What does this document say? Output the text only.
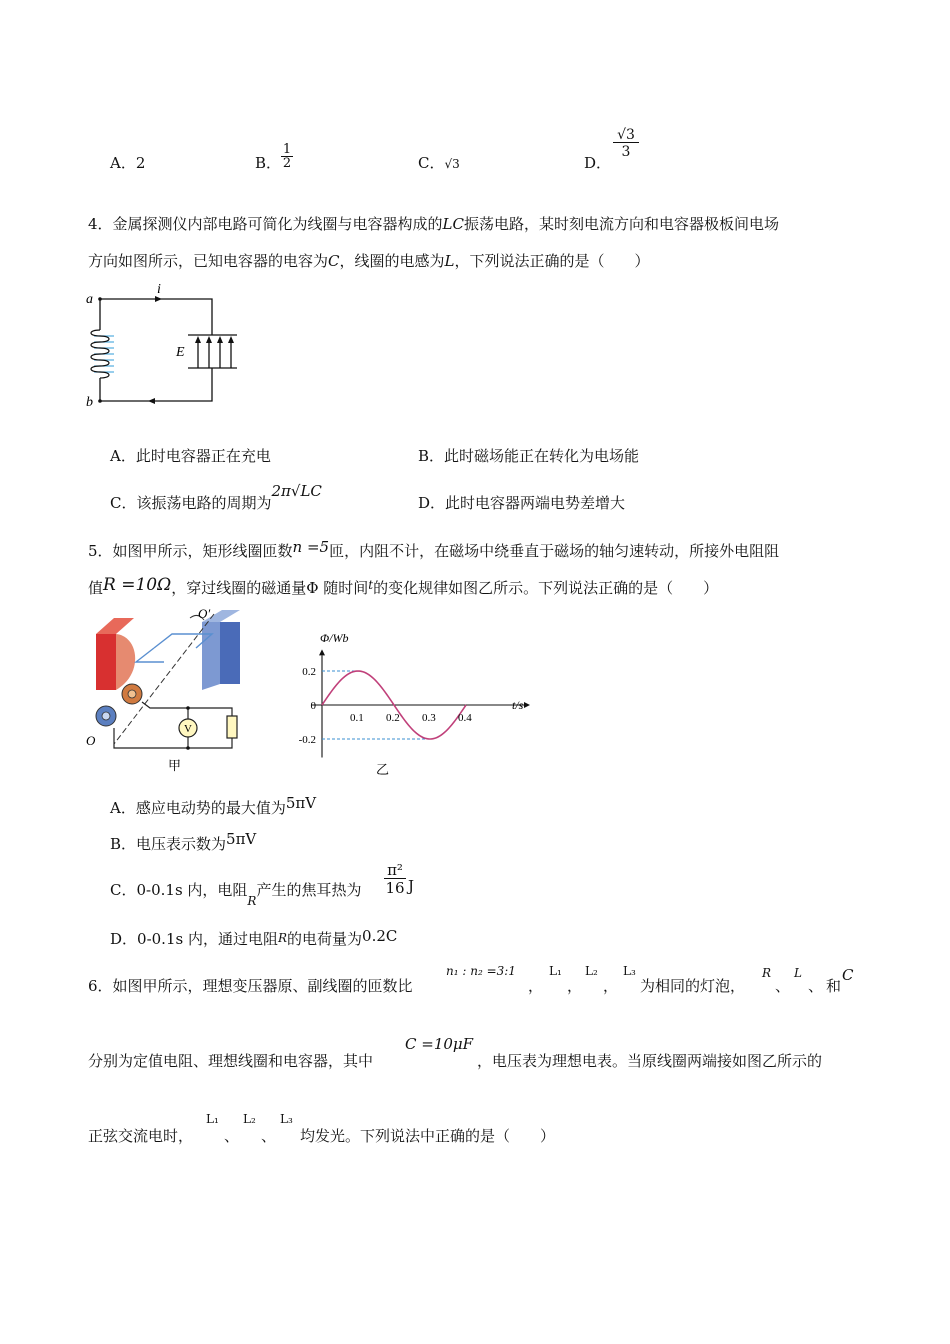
A．2	B． $\frac{1}{2}$	C．√3	D．
$\frac{√3}{3}$
4．金属探测仪内部电路可简化为线圈与电容器构成的LC振荡电路，某时刻电流方向和电容器极板间电场
方向如图所示，已知电容器的电容为C，线圈的电感为L，下列说法正确的是（　　）
a
b
i
E
A．此时电容器正在充电	B．此时磁场能正在转化为电场能
C．该振荡电路的周期为2π√LC
D．此时电容器两端电势差增大
5．如图甲所示，矩形线圈匝数n =5匝，内阻不计，在磁场中绕垂直于磁场的轴匀速转动，所接外电阻阻
值R =10Ω，穿过线圈的磁通量Φ 随时间$^t$的变化规律如图乙所示。下列说法正确的是（　　）
V
O′
O
甲
Φ/Wb
t/s
0.1 0.2 0.3 0.4
0.2
0
-0.2
乙
A．感应电动势的最大值为5πV
B．电压表示数为5πV
C．0-0.1s 内，电阻$_R$产生的焦耳热为 $\frac{\text{π²}}{16}$ J
D．0-0.1s 内，通过电阻R的电荷量为0.2C
6．如图甲所示，理想变压器原、副线圈的匝数比
n₁ : n₂ =3:1
，
L₁
，
L₂
，
L₃
为相同的灯泡，
R
、
L
、 和
C
分别为定值电阻、理想线圈和电容器，其中
C =10μF
，电压表为理想电表。当原线圈两端接如图乙所示的
正弦交流电时，
L₁
、
L₂
、
L₃
均发光。下列说法中正确的是（　　）
